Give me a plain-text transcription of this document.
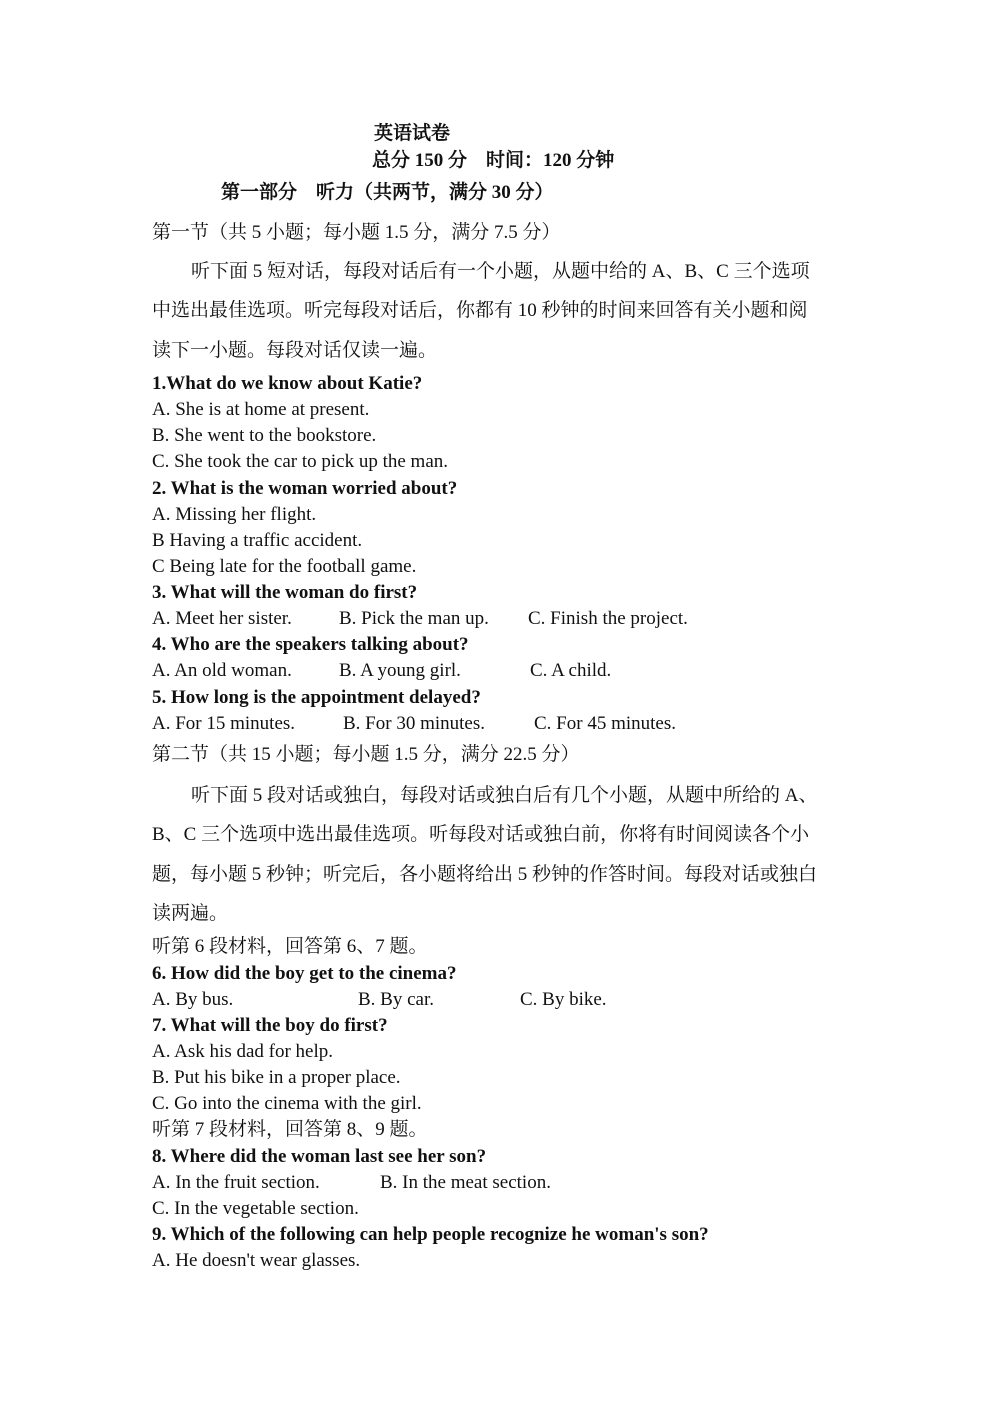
英语试卷
总分 150 分　时间：120 分钟
第一部分　听力（共两节，满分 30 分）
第一节（共 5 小题；每小题 1.5 分，满分 7.5 分）
听下面 5 短对话，每段对话后有一个小题，从题中给的 A、B、C 三个选项
中选出最佳选项。听完每段对话后，你都有 10 秒钟的时间来回答有关小题和阅
读下一小题。每段对话仅读一遍。
1.What do we know about Katie?
A. She is at home at present.
B. She went to the bookstore.
C. She took the car to pick up the man.
2. What is the woman worried about?
A. Missing her flight.
B Having a traffic accident.
C Being late for the football game.
3. What will the woman do first?
A. Meet her sister. B. Pick the man up. C. Finish the project.
4. Who are the speakers talking about?
A. An old woman. B. A young girl.	C. A child.
5. How long is the appointment delayed?
A. For 15 minutes.	B. For 30 minutes.	C. For 45 minutes.
第二节（共 15 小题；每小题 1.5 分，满分 22.5 分）
听下面 5 段对话或独白，每段对话或独白后有几个小题，从题中所给的 A、
B、C 三个选项中选出最佳选项。听每段对话或独白前，你将有时间阅读各个小
题，每小题 5 秒钟；听完后，各小题将给出 5 秒钟的作答时间。每段对话或独白
读两遍。
听第 6 段材料，回答第 6、7 题。
6. How did the boy get to the cinema?
A. By bus.	B. By car.	C. By bike.
7. What will the boy do first?
A. Ask his dad for help.
B. Put his bike in a proper place.
C. Go into the cinema with the girl.
听第 7 段材料，回答第 8、9 题。
8. Where did the woman last see her son?
A. In the fruit section.	B. In the meat section.
C. In the vegetable section.
9. Which of the following can help people recognize he woman's son?
A. He doesn't wear glasses.
